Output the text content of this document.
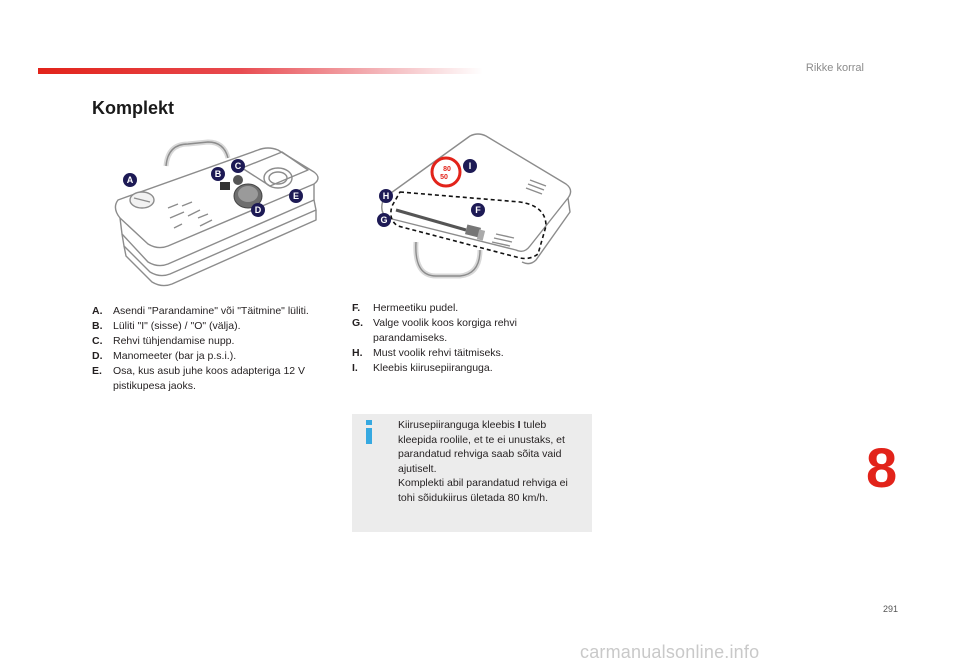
Rikke korral
Komplekt
A
B
C
D
E
80
50
I
H
F
G
A. Asendi "Parandamine" või "Täitmine" lüliti.
B. Lüliti "I" (sisse) / "O" (välja).
C. Rehvi tühjendamise nupp.
D. Manomeeter (bar ja p.s.i.).
E. Osa, kus asub juhe koos adapteriga 12 V pistikupesa jaoks.
F. Hermeetiku pudel.
G. Valge voolik koos korgiga rehvi parandamiseks.
H. Must voolik rehvi täitmiseks.
I. Kleebis kiirusepiiranguga.
Kiirusepiiranguga kleebis I tuleb kleepida roolile, et te ei unustaks, et parandatud rehviga saab sõita vaid ajutiselt.
Komplekti abil parandatud rehviga ei tohi sõidukiirus ületada 80 km/h.	8
291
carmanualsonline.info
